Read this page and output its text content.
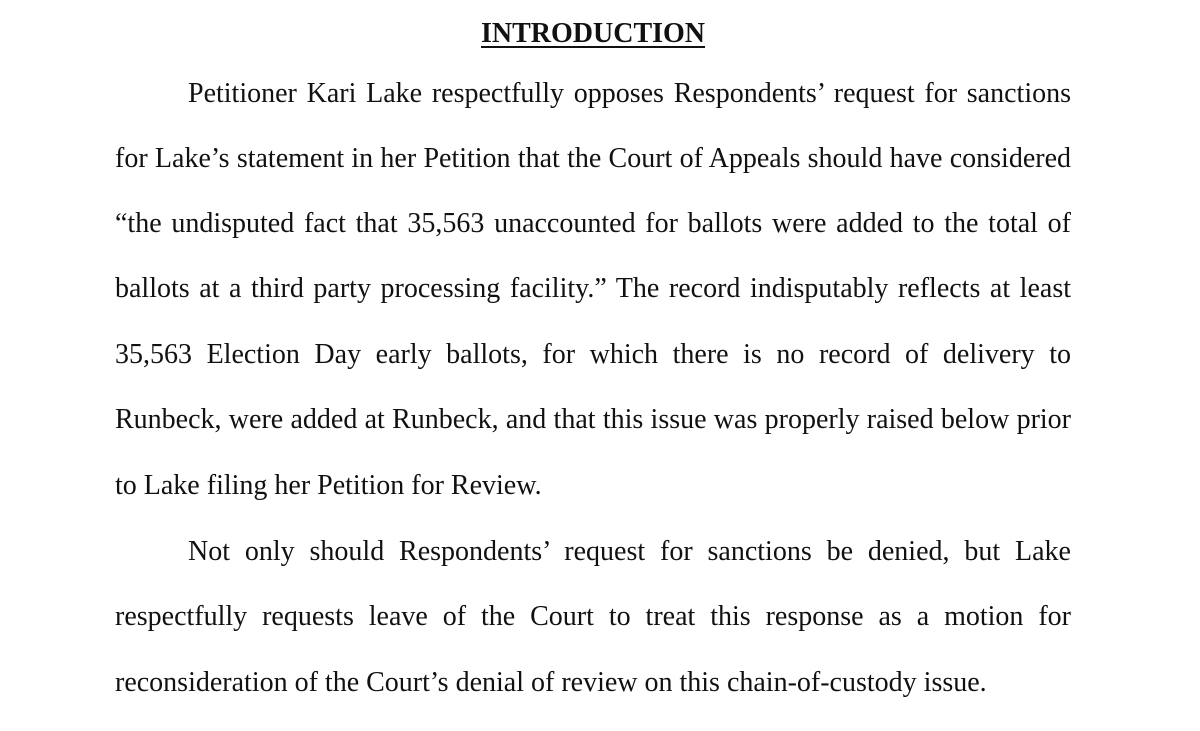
INTRODUCTION
Petitioner Kari Lake respectfully opposes Respondents’ request for sanctions
for Lake’s statement in her Petition that the Court of Appeals should have considered
“the undisputed fact that 35,563 unaccounted for ballots were added to the total of
ballots at a third party processing facility.” The record indisputably reflects at least
35,563 Election Day early ballots, for which there is no record of delivery to
Runbeck, were added at Runbeck, and that this issue was properly raised below prior
to Lake filing her Petition for Review.
Not only should Respondents’ request for sanctions be denied, but Lake
respectfully requests leave of the Court to treat this response as a motion for
reconsideration of the Court’s denial of review on this chain-of-custody issue.
